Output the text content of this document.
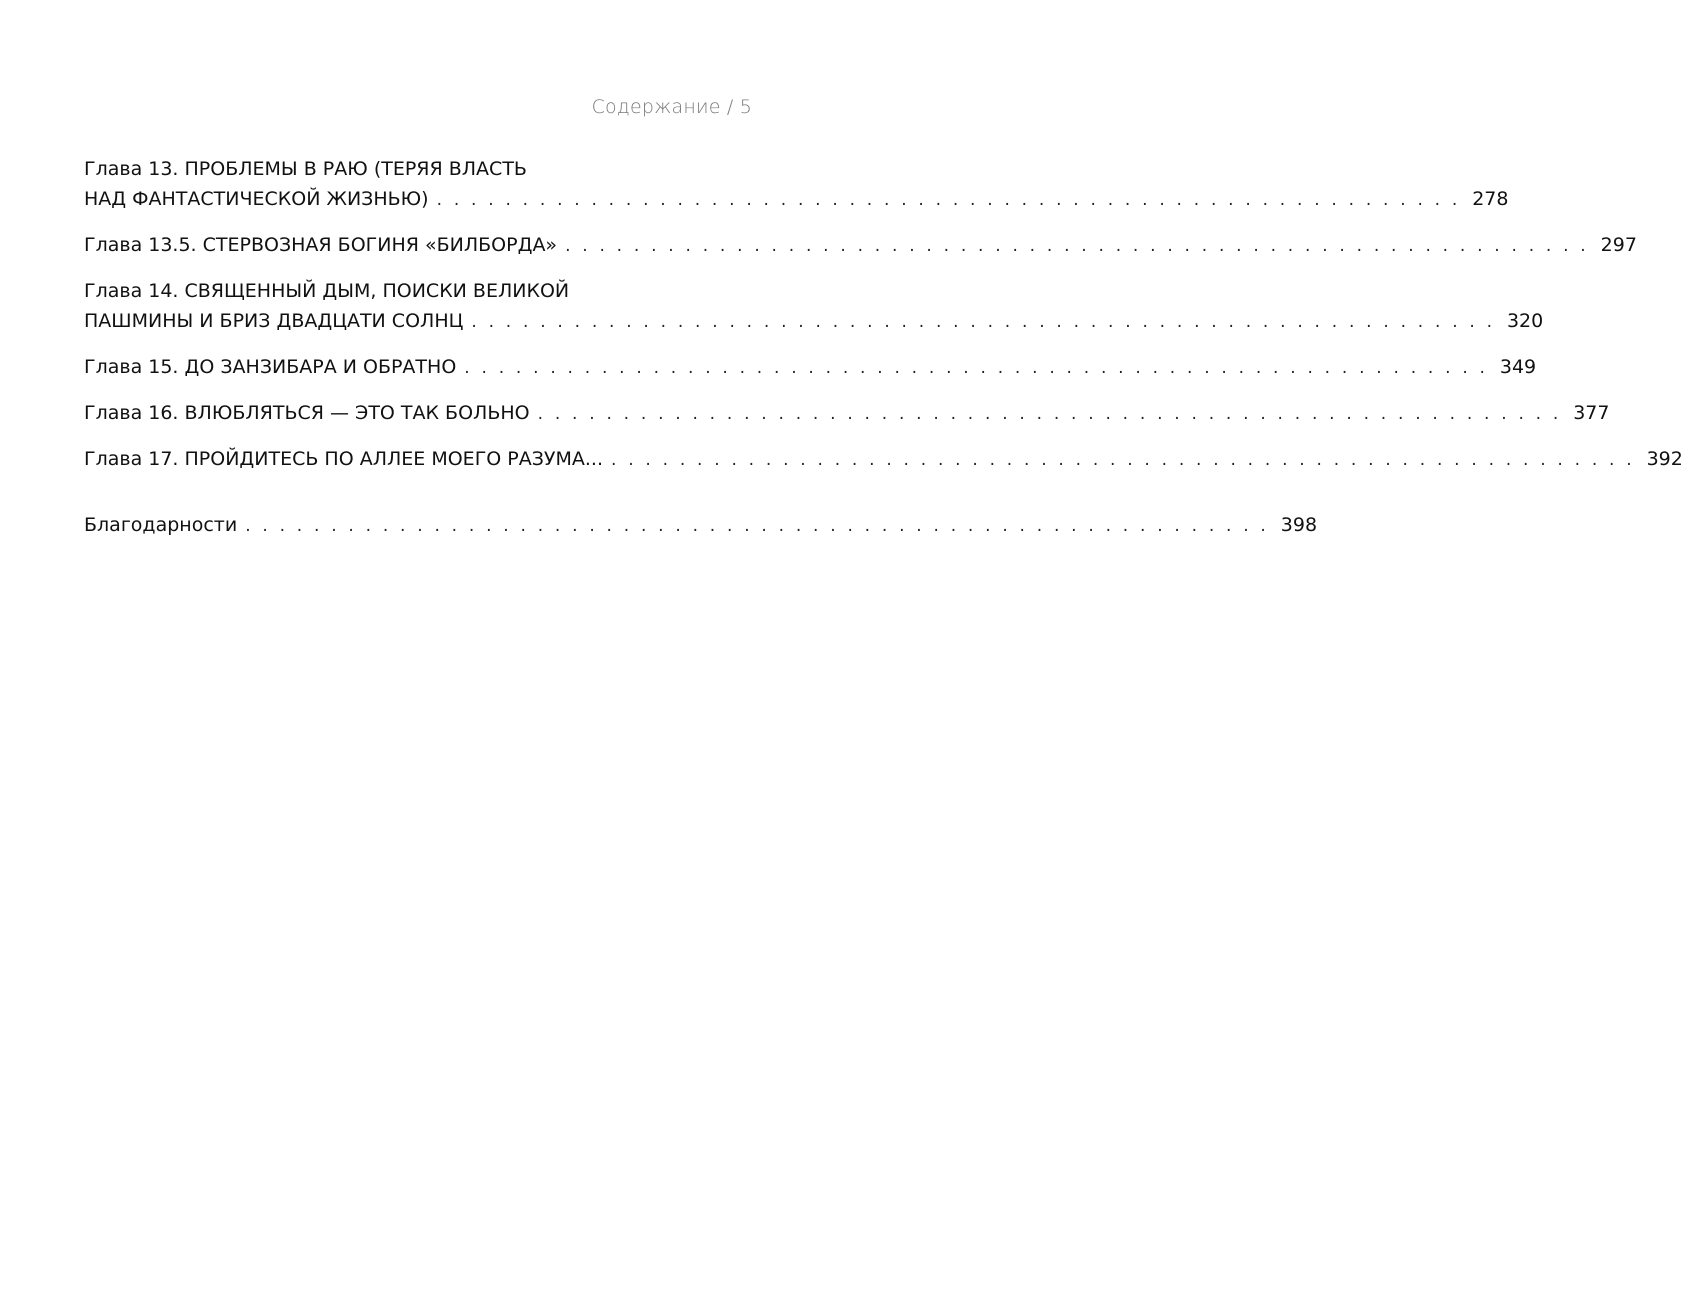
Содержание / 5
Глава 13. ПРОБЛЕМЫ В РАЮ (ТЕРЯЯ ВЛАСТЬ
НАД ФАНТАСТИЧЕСКОЙ ЖИЗНЬЮ) . . . . . . . . . . . . . . . . . . . . . . . . . . . . . . . . . . . . . . . . . . . . . . . . . . . . . . . . . . . . 278
Глава 13.5. СТЕРВОЗНАЯ БОГИНЯ «БИЛБОРДА» . . . . . . . . . . . . . . . . . . . . . . . . . . . . . . . . . . . . . . . . . . . . . . . . . . . . . . . . . . . . 297
Глава 14. СВЯЩЕННЫЙ ДЫМ, ПОИСКИ ВЕЛИКОЙ
ПАШМИНЫ И БРИЗ ДВАДЦАТИ СОЛНЦ . . . . . . . . . . . . . . . . . . . . . . . . . . . . . . . . . . . . . . . . . . . . . . . . . . . . . . . . . . . . 320
Глава 15. ДО ЗАНЗИБАРА И ОБРАТНО . . . . . . . . . . . . . . . . . . . . . . . . . . . . . . . . . . . . . . . . . . . . . . . . . . . . . . . . . . . . 349
Глава 16. ВЛЮБЛЯТЬСЯ — ЭТО ТАК БОЛЬНО . . . . . . . . . . . . . . . . . . . . . . . . . . . . . . . . . . . . . . . . . . . . . . . . . . . . . . . . . . . . 377
Глава 17. ПРОЙДИТЕСЬ ПО АЛЛЕЕ МОЕГО РАЗУМА... . . . . . . . . . . . . . . . . . . . . . . . . . . . . . . . . . . . . . . . . . . . . . . . . . . . . . . . . . . . . 392
Благодарности . . . . . . . . . . . . . . . . . . . . . . . . . . . . . . . . . . . . . . . . . . . . . . . . . . . . . . . . . . . . 398
